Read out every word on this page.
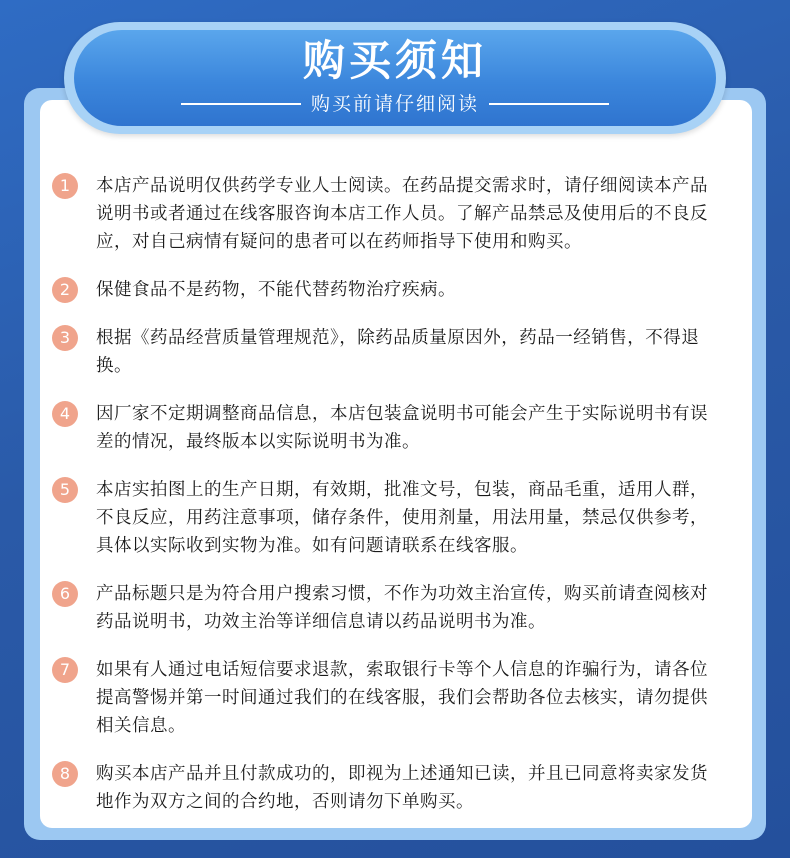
购买须知
购买前请仔细阅读
1	本店产品说明仅供药学专业人士阅读。在药品提交需求时，请仔细阅读本产品说明书或者通过在线客服咨询本店工作人员。了解产品禁忌及使用后的不良反应，对自己病情有疑问的患者可以在药师指导下使用和购买。
2	保健食品不是药物，不能代替药物治疗疾病。
3	根据《药品经营质量管理规范》，除药品质量原因外，药品一经销售，不得退换。
4	因厂家不定期调整商品信息，本店包装盒说明书可能会产生于实际说明书有误差的情况，最终版本以实际说明书为准。
5	本店实拍图上的生产日期，有效期，批准文号，包装，商品毛重，适用人群，不良反应，用药注意事项，储存条件，使用剂量，用法用量，禁忌仅供参考，具体以实际收到实物为准。如有问题请联系在线客服。
6	产品标题只是为符合用户搜索习惯，不作为功效主治宣传，购买前请查阅核对药品说明书，功效主治等详细信息请以药品说明书为准。
7	如果有人通过电话短信要求退款，索取银行卡等个人信息的诈骗行为，请各位提高警惕并第一时间通过我们的在线客服，我们会帮助各位去核实，请勿提供相关信息。
8	购买本店产品并且付款成功的，即视为上述通知已读，并且已同意将卖家发货地作为双方之间的合约地，否则请勿下单购买。
